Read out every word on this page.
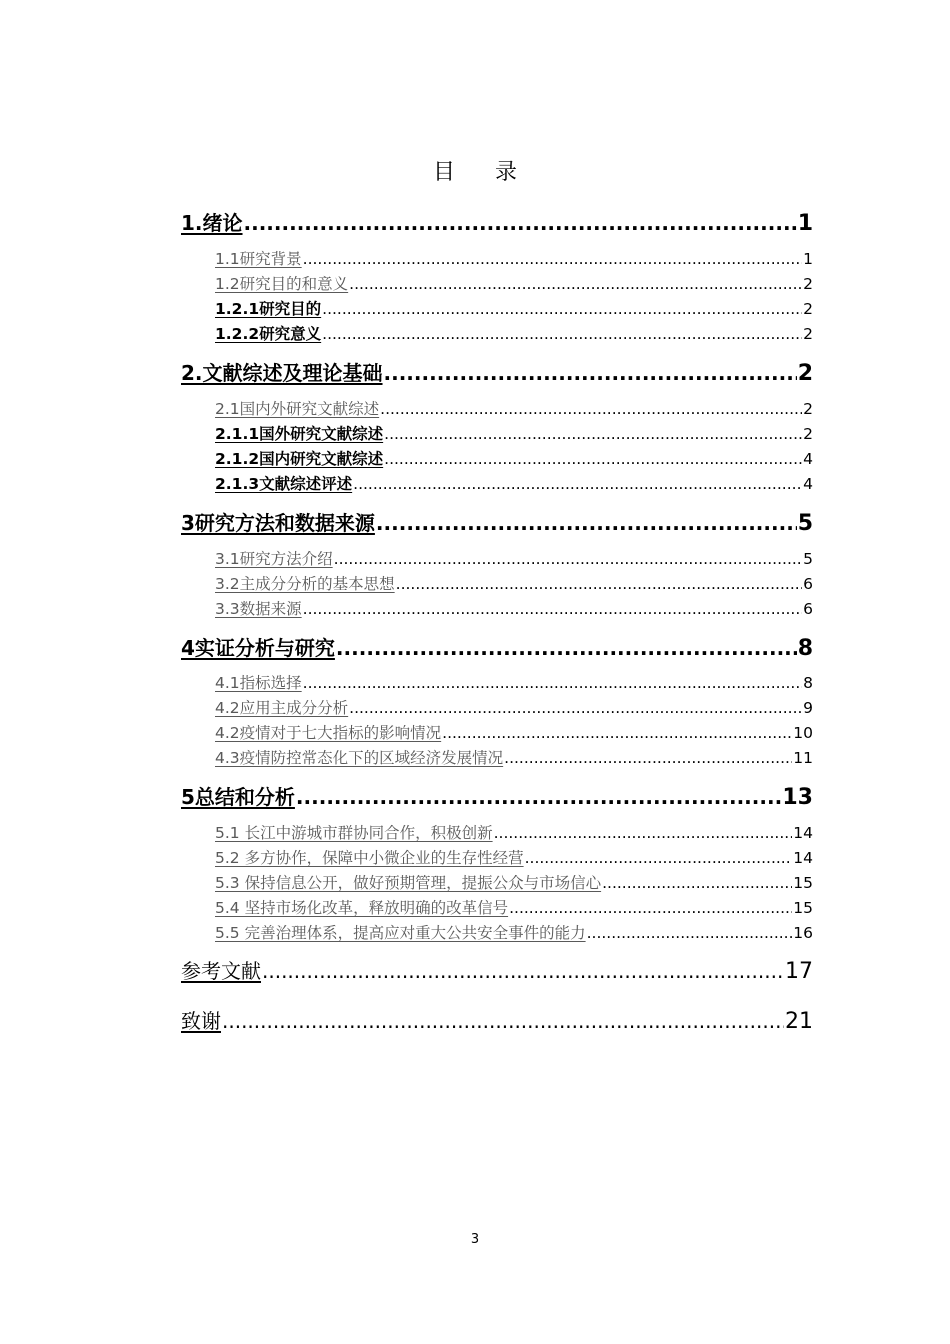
目录
1.绪论 .....	1
1.1研究背景 .....	1
1.2研究目的和意义 .....	2
1.2.1研究目的 .....	2
1.2.2研究意义 .....	2
2.文献综述及理论基础 .....	2
2.1国内外研究文献综述 .....	2
2.1.1国外研究文献综述 .....	2
2.1.2国内研究文献综述 .....	4
2.1.3文献综述评述 .....	4
3研究方法和数据来源 .....	5
3.1研究方法介绍 .....	5
3.2主成分分析的基本思想 .....	6
3.3数据来源 .....	6
4实证分析与研究 .....	8
4.1指标选择 .....	8
4.2应用主成分分析 .....	9
4.2疫情对于七大指标的影响情况 .....	10
4.3疫情防控常态化下的区域经济发展情况 .....	11
5总结和分析 .....	13
5.1 长江中游城市群协同合作，积极创新 .....	14
5.2 多方协作，保障中小微企业的生存性经营 .....	14
5.3 保持信息公开，做好预期管理，提振公众与市场信心 .....	15
5.4 坚持市场化改革，释放明确的改革信号 .....	15
5.5 完善治理体系，提高应对重大公共安全事件的能力 .....	16
参考文献 .....	17
致谢 .....	21
3
